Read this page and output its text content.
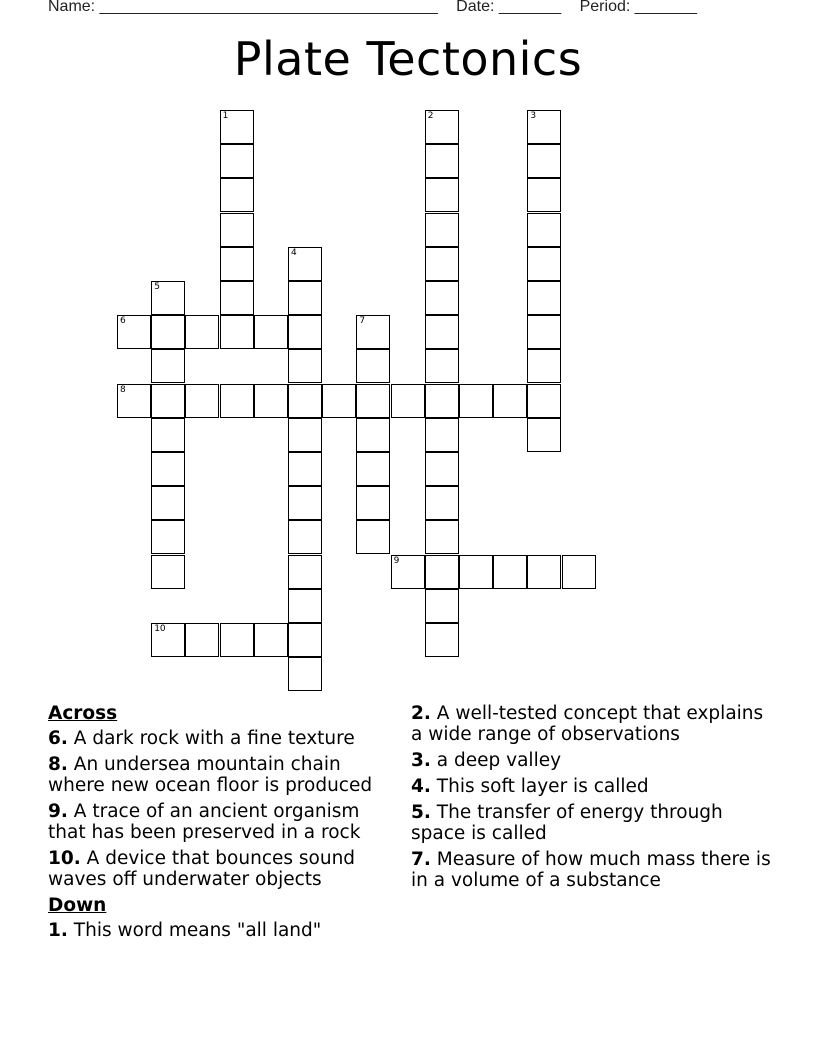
Name: ______________________________________ Date: _______ Period: _______
Plate Tectonics
1	2	3
4
5
6	7
8
9
10
Across
6. A dark rock with a fine texture
8. An undersea mountain chain where new ocean floor is produced
9. A trace of an ancient organism that has been preserved in a rock
10. A device that bounces sound waves off underwater objects
Down
1. This word means "all land"
2. A well-tested concept that explains a wide range of observations
3. a deep valley
4. This soft layer is called
5. The transfer of energy through space is called
7. Measure of how much mass there is in a volume of a substance
